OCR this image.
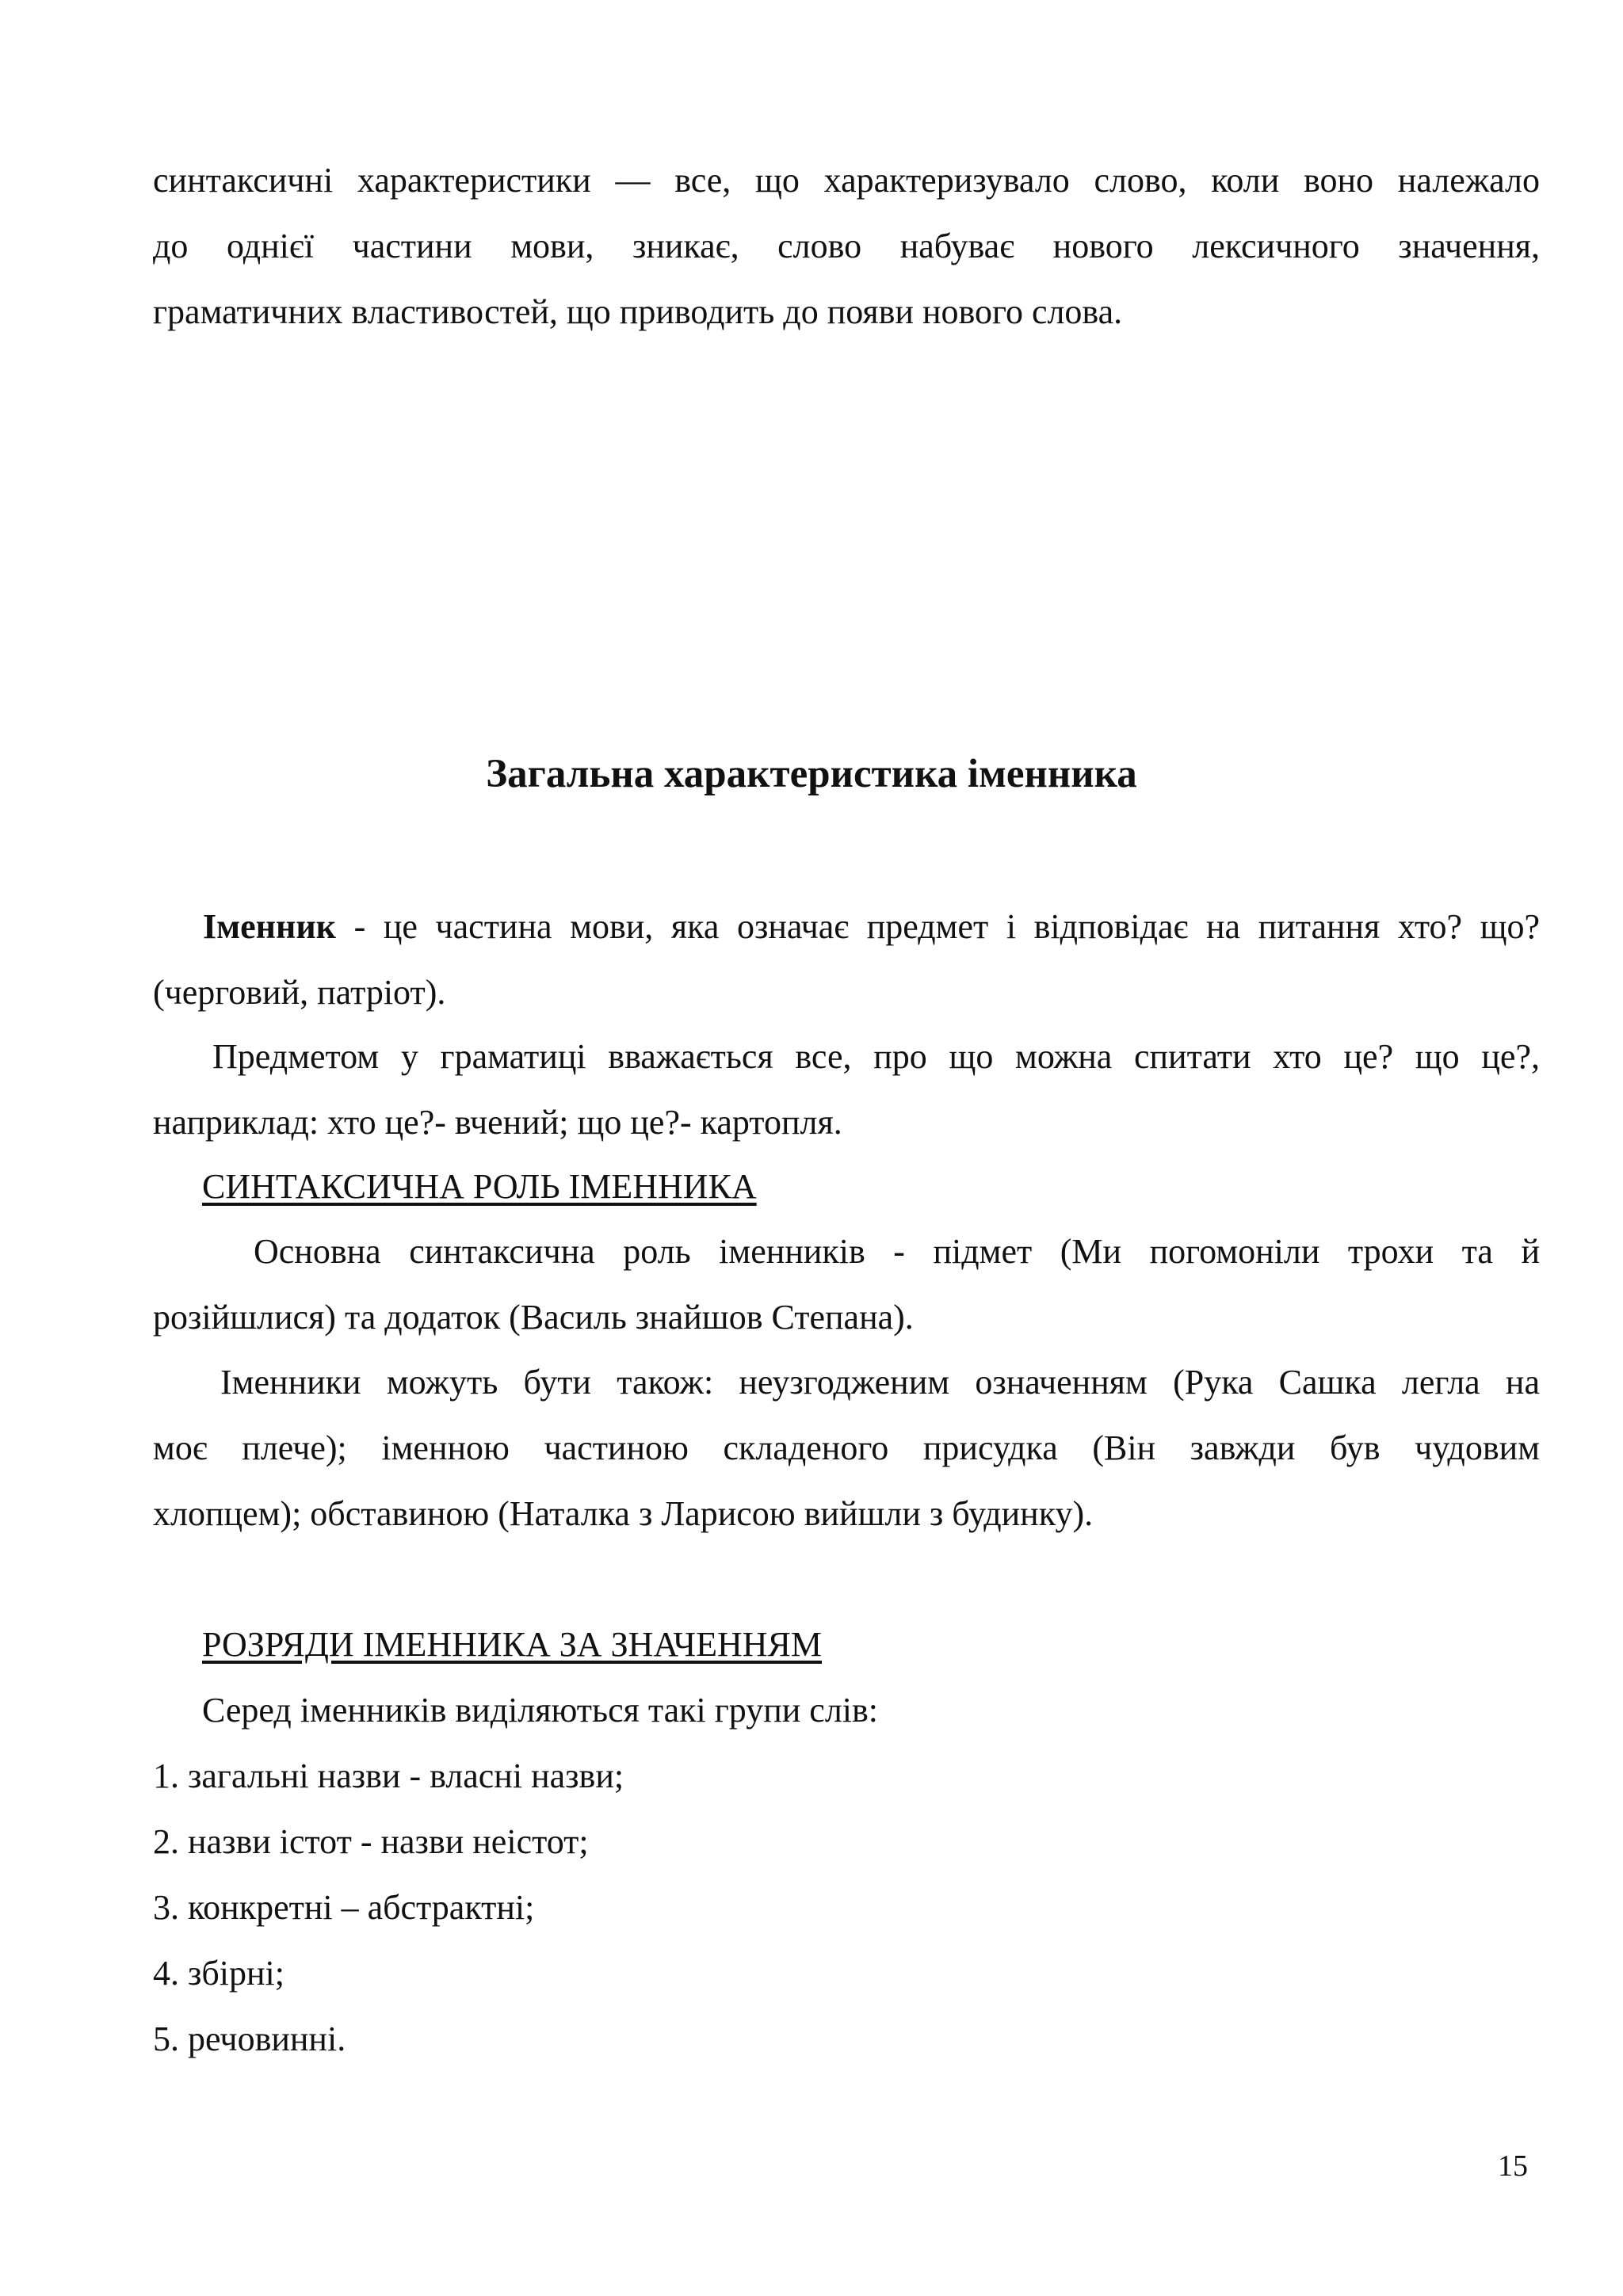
синтаксичні характеристики — все, що характеризувало слово, коли воно належало
до однієї частини мови, зникає, слово набуває нового лексичного значення,
граматичних властивостей, що приводить до появи нового слова.
Загальна характеристика іменника
Іменник - це частина мови, яка означає предмет і відповідає на питання хто? що?
(черговий, патріот).
Предметом у граматиці вважається все, про що можна спитати хто це? що це?,
наприклад: хто це?- вчений; що це?- картопля.
СИНТАКСИЧНА РОЛЬ ІМЕННИКА
Основна синтаксична роль іменників - підмет (Ми погомоніли трохи та й
розійшлися) та додаток (Василь знайшов Степана).
Іменники можуть бути також: неузгодженим означенням (Рука Сашка легла на
моє плече); іменною частиною складеного присудка (Він завжди був чудовим
хлопцем); обставиною (Наталка з Ларисою вийшли з будинку).
РОЗРЯДИ ІМЕННИКА ЗА ЗНАЧЕННЯМ
Серед іменників виділяються такі групи слів:
1. загальні назви - власні назви;
2. назви істот - назви неістот;
3. конкретні – абстрактні;
4. збірні;
5. речовинні.
15
